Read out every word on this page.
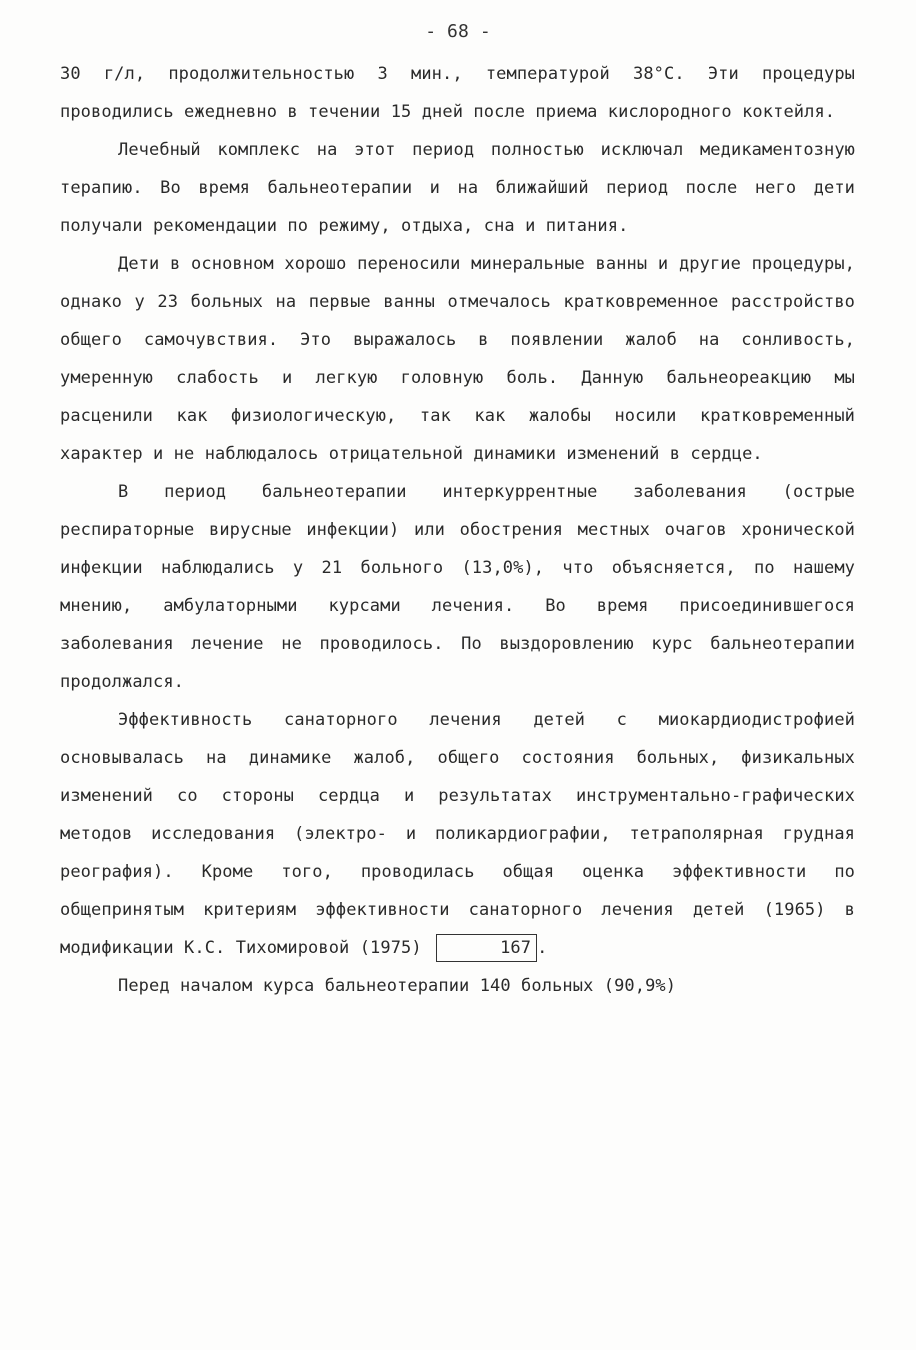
- 68 -

30 г/л, продолжительностью 3 мин., температурой 38°С. Эти процедуры проводились ежедневно в течении 15 дней после приема кислородного коктейля.

Лечебный комплекс на этот период полностью исключал медикаментозную терапию. Во время бальнеотерапии и на ближайший период после него дети получали рекомендации по режиму, отдыха, сна и питания.

Дети в основном хорошо переносили минеральные ванны и другие процедуры, однако у 23 больных на первые ванны отмечалось кратковременное расстройство общего самочувствия. Это выражалось в появлении жалоб на сонливость, умеренную слабость и легкую головную боль. Данную бальнеореакцию мы расценили как физиологическую, так как жалобы носили кратковременный характер и не наблюдалось отрицательной динамики изменений в сердце.

В период бальнеотерапии интеркуррентные заболевания (острые респираторные вирусные инфекции) или обострения местных очагов хронической инфекции наблюдались у 21 больного (13,0%), что объясняется, по нашему мнению, амбулаторными курсами лечения. Во время присоединившегося заболевания лечение не проводилось. По выздоровлению курс бальнеотерапии продолжался.

Эффективность санаторного лечения детей с миокардиодистрофией основывалась на динамике жалоб, общего состояния больных, физикальных изменений со стороны сердца и результатах инструментально-графических методов исследования (электро- и поликардиографии, тетраполярная грудная реография). Кроме того, проводилась общая оценка эффективности по общепринятым критериям эффективности санаторного лечения детей (1965) в модификации К.С. Тихомировой (1975)	167 .

Перед началом курса бальнеотерапии 140 больных (90,9%)
